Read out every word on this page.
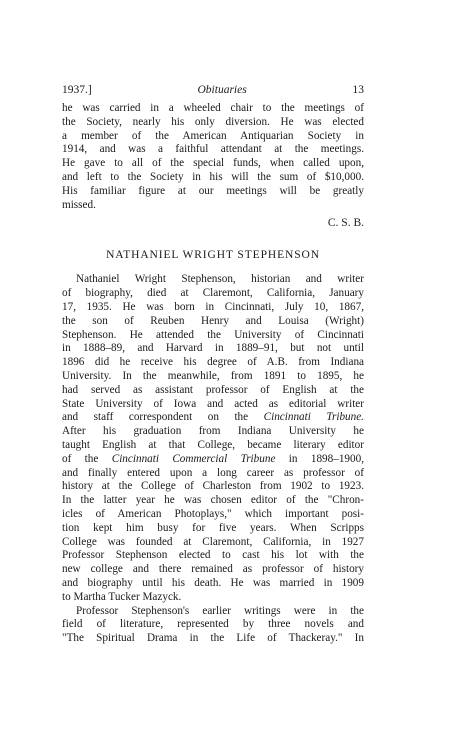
1937.]	Obituaries	13
he was carried in a wheeled chair to the meetings of
the Society, nearly his only diversion. He was elected
a member of the American Antiquarian Society in
1914, and was a faithful attendant at the meetings.
He gave to all of the special funds, when called upon,
and left to the Society in his will the sum of $10,000.
His familiar figure at our meetings will be greatly
missed.
C. S. B.
NATHANIEL WRIGHT STEPHENSON
Nathaniel Wright Stephenson, historian and writer
of biography, died at Claremont, California, January
17, 1935. He was born in Cincinnati, July 10, 1867,
the son of Reuben Henry and Louisa (Wright)
Stephenson. He attended the University of Cincinnati
in 1888–89, and Harvard in 1889–91, but not until
1896 did he receive his degree of A.B. from Indiana
University. In the meanwhile, from 1891 to 1895, he
had served as assistant professor of English at the
State University of Iowa and acted as editorial writer
and staff correspondent on the Cincinnati Tribune.
After his graduation from Indiana University he
taught English at that College, became literary editor
of the Cincinnati Commercial Tribune in 1898–1900,
and finally entered upon a long career as professor of
history at the College of Charleston from 1902 to 1923.
In the latter year he was chosen editor of the "Chron-
icles of American Photoplays," which important posi-
tion kept him busy for five years. When Scripps
College was founded at Claremont, California, in 1927
Professor Stephenson elected to cast his lot with the
new college and there remained as professor of history
and biography until his death. He was married in 1909
to Martha Tucker Mazyck.
Professor Stephenson's earlier writings were in the
field of literature, represented by three novels and
"The Spiritual Drama in the Life of Thackeray." In
